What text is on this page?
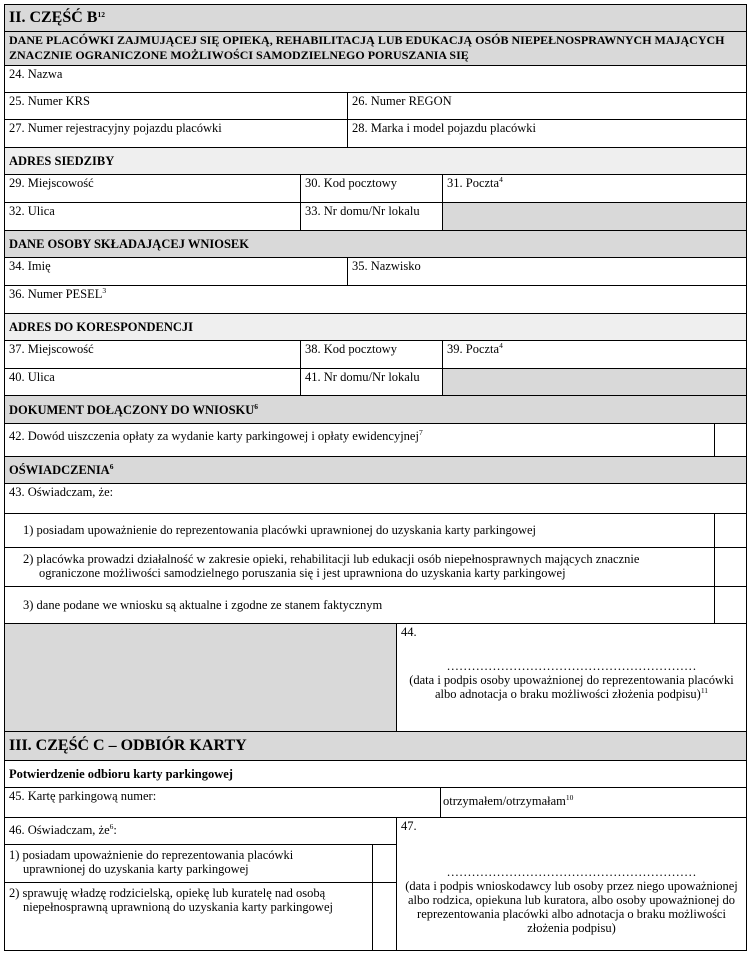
II. CZĘŚĆ $B^{12}$
DANE PLACÓWKI ZAJMUJĄCEJ SIĘ OPIEKĄ, REHABILITACJĄ LUB EDUKACJĄ OSÓB NIEPEŁNOSPRAWNYCH MAJĄCYCH ZNACZNIE OGRANICZONE MOŻLIWOŚCI SAMODZIELNEGO PORUSZANIA SIĘ
24. Nazwa
25. Numer KRS	26. Numer REGON
27. Numer rejestracyjny pojazdu placówki	28. Marka i model pojazdu placówki
ADRES SIEDZIBY
29. Miejscowość	30. Kod pocztowy	31. Poczta$^4$
32. Ulica	33. Nr domu/Nr lokalu
DANE OSOBY SKŁADAJĄCEJ WNIOSEK
34. Imię	35. Nazwisko
36. Numer PESEL$^3$
ADRES DO KORESPONDENCJI
37. Miejscowość	38. Kod pocztowy	39. Poczta$^4$
40. Ulica	41. Nr domu/Nr lokalu
DOKUMENT DOŁĄCZONY DO WNIOSKU$^6$
42. Dowód uiszczenia opłaty za wydanie karty parkingowej i opłaty ewidencyjnej$^7$
OŚWIADCZENIA$^6$
43. Oświadczam, że:
1) posiadam upoważnienie do reprezentowania placówki uprawnionej do uzyskania karty parkingowej
2) placówka prowadzi działalność w zakresie opieki, rehabilitacji lub edukacji osób niepełnosprawnych mających znacznie
ograniczone możliwości samodzielnego poruszania się i jest uprawniona do uzyskania karty parkingowej
3) dane podane we wniosku są aktualne i zgodne ze stanem faktycznym
44.
……………………………………………………
(data i podpis osoby upoważnionej do reprezentowania placówki
albo adnotacja o braku możliwości złożenia podpisu)$^{11}$
III. CZĘŚĆ C – ODBIÓR KARTY
Potwierdzenie odbioru karty parkingowej
45. Kartę parkingową numer:	otrzymałem/otrzymałam$^{10}$
46. Oświadczam, $że^6$:
1) posiadam upoważnienie do reprezentowania placówki
uprawnionej do uzyskania karty parkingowej
2) sprawuję władzę rodzicielską, opiekę lub kuratelę nad osobą
niepełnosprawną uprawnioną do uzyskania karty parkingowej
47.
……………………………………………………
(data i podpis wnioskodawcy lub osoby przez niego upoważnionej albo rodzica, opiekuna lub kuratora, albo osoby upoważnionej do reprezentowania placówki albo adnotacja o braku możliwości złożenia podpisu)
